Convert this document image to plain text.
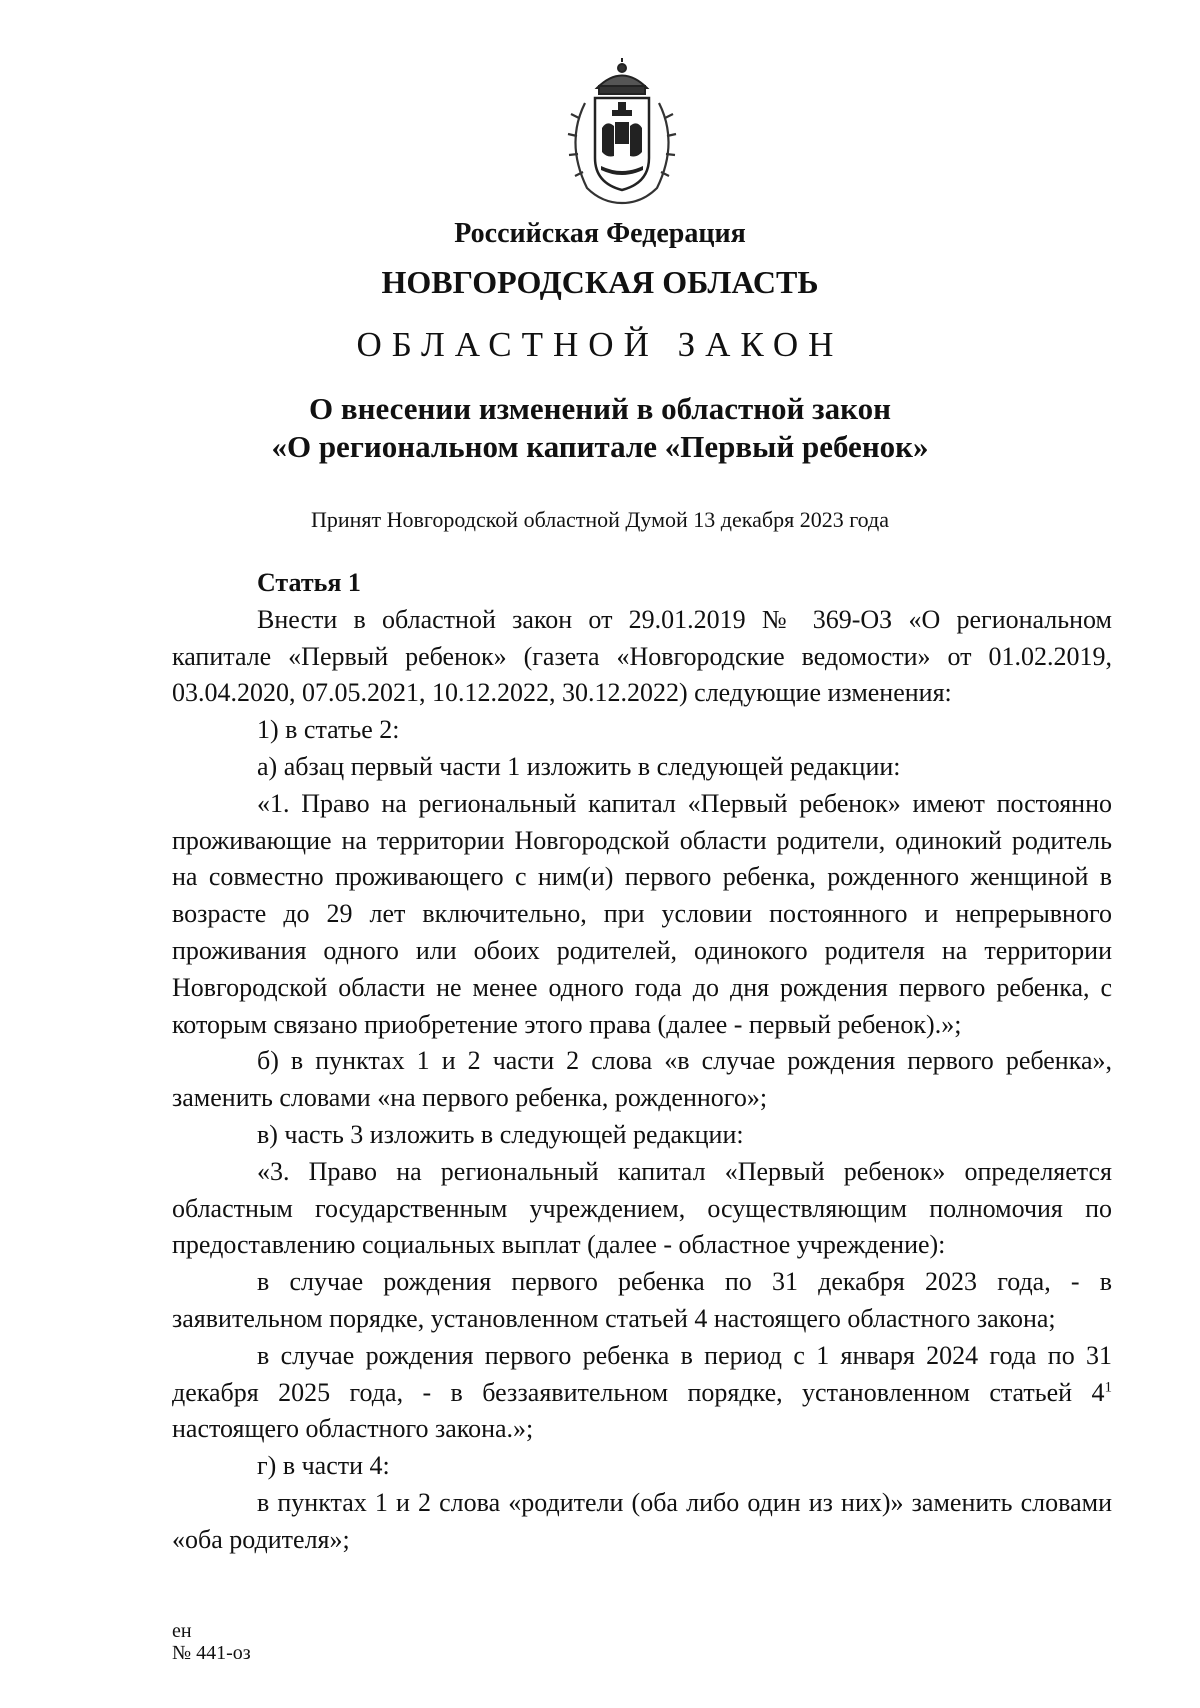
Российская Федерация
НОВГОРОДСКАЯ ОБЛАСТЬ
ОБЛАСТНОЙ ЗАКОН
О внесении изменений в областной закон
«О региональном капитале «Первый ребенок»
Принят Новгородской областной Думой 13 декабря 2023 года

Статья 1

Внести в областной закон от 29.01.2019 № 369-ОЗ «О региональном капитале «Первый ребенок» (газета «Новгородские ведомости» от 01.02.2019, 03.04.2020, 07.05.2021, 10.12.2022, 30.12.2022) следующие изменения:

1) в статье 2:

а) абзац первый части 1 изложить в следующей редакции:

«1. Право на региональный капитал «Первый ребенок» имеют постоянно проживающие на территории Новгородской области родители, одинокий родитель на совместно проживающего с ним(и) первого ребенка, рожденного женщиной в возрасте до 29 лет включительно, при условии постоянного и непрерывного проживания одного или обоих родителей, одинокого родителя на территории Новгородской области не менее одного года до дня рождения первого ребенка, с которым связано приобретение этого права (далее - первый ребенок).»;

б) в пунктах 1 и 2 части 2 слова «в случае рождения первого ребенка», заменить словами «на первого ребенка, рожденного»;

в) часть 3 изложить в следующей редакции:

«3. Право на региональный капитал «Первый ребенок» определяется областным государственным учреждением, осуществляющим полномочия по предоставлению социальных выплат (далее - областное учреждение):

в случае рождения первого ребенка по 31 декабря 2023 года, - в заявительном порядке, установленном статьей 4 настоящего областного закона;

в случае рождения первого ребенка в период с 1 января 2024 года по 31 декабря 2025 года, - в беззаявительном порядке, установленном статьей $4^1$ настоящего областного закона.»;

г) в части 4:

в пунктах 1 и 2 слова «родители (оба либо один из них)» заменить словами «оба родителя»;

ен
№ 441-оз
